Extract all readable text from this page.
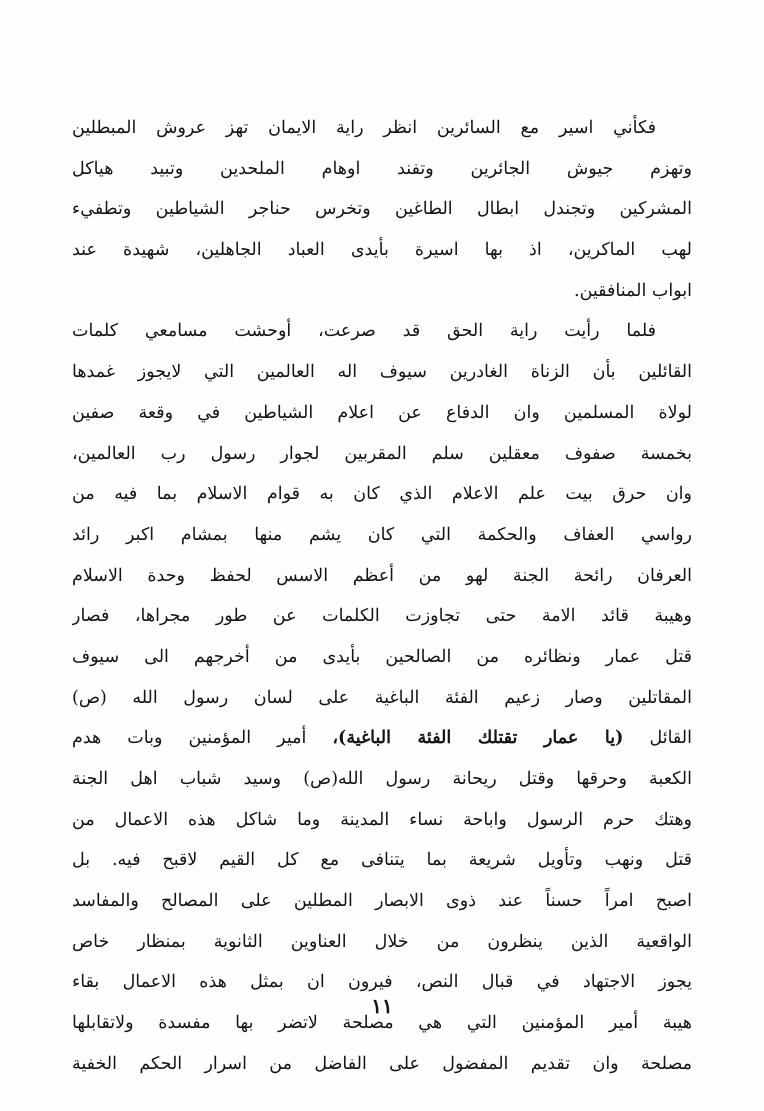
فكأني اسير مع السائرين انظر راية الايمان تهز عروش المبطلين
وتهزم جيوش الجائرين وتفند اوهام الملحدين وتبيد هياكل
المشركين وتجندل ابطال الطاغين وتخرس حناجر الشياطين وتطفيء
لهب الماكرين، اذ بها اسيرة بأيدى العباد الجاهلين، شهيدة عند
ابواب المنافقين.
فلما رأيت راية الحق قد صرعت، أوحشت مسامعي كلمات
القائلين بأن الزناة الغادرين سيوف اله العالمين التي لايجوز غمدها
لولاة المسلمين وان الدفاع عن اعلام الشياطين في وقعة صفين
بخمسة صفوف معقلين سلم المقربين لجوار رسول رب العالمين،
وان حرق بيت علم الاعلام الذي كان به قوام الاسلام بما فيه من
رواسي العفاف والحكمة التي كان يشم منها بمشام اكبر رائد
العرفان رائحة الجنة لهو من أعظم الاسس لحفظ وحدة الاسلام
وهيبة قائد الامة حتى تجاوزت الكلمات عن طور مجراها، فصار
قتل عمار ونظائره من الصالحين بأيدى من أخرجهم الى سيوف
المقاتلين وصار زعيم الفئة الباغية على لسان رسول الله (ص)
القائل (يا عمار تقتلك الفئة الباغية)، أمير المؤمنين وبات هدم
الكعبة وحرقها وقتل ريحانة رسول الله(ص) وسيد شباب اهل الجنة
وهتك حرم الرسول واباحة نساء المدينة وما شاكل هذه الاعمال من
قتل ونهب وتأويل شريعة بما يتنافى مع كل القيم لاقبح فيه. بل
اصبح امراً حسناً عند ذوى الابصار المطلين على المصالح والمفاسد
الواقعية الذين ينظرون من خلال العناوين الثانوية بمنظار خاص
يجوز الاجتهاد في قبال النص، فيرون ان بمثل هذه الاعمال بقاء
هيبة أمير المؤمنين التي هي مصلحة لاتضر بها مفسدة ولاتقابلها
مصلحة وان تقديم المفضول على الفاضل من اسرار الحكم الخفية
١١
